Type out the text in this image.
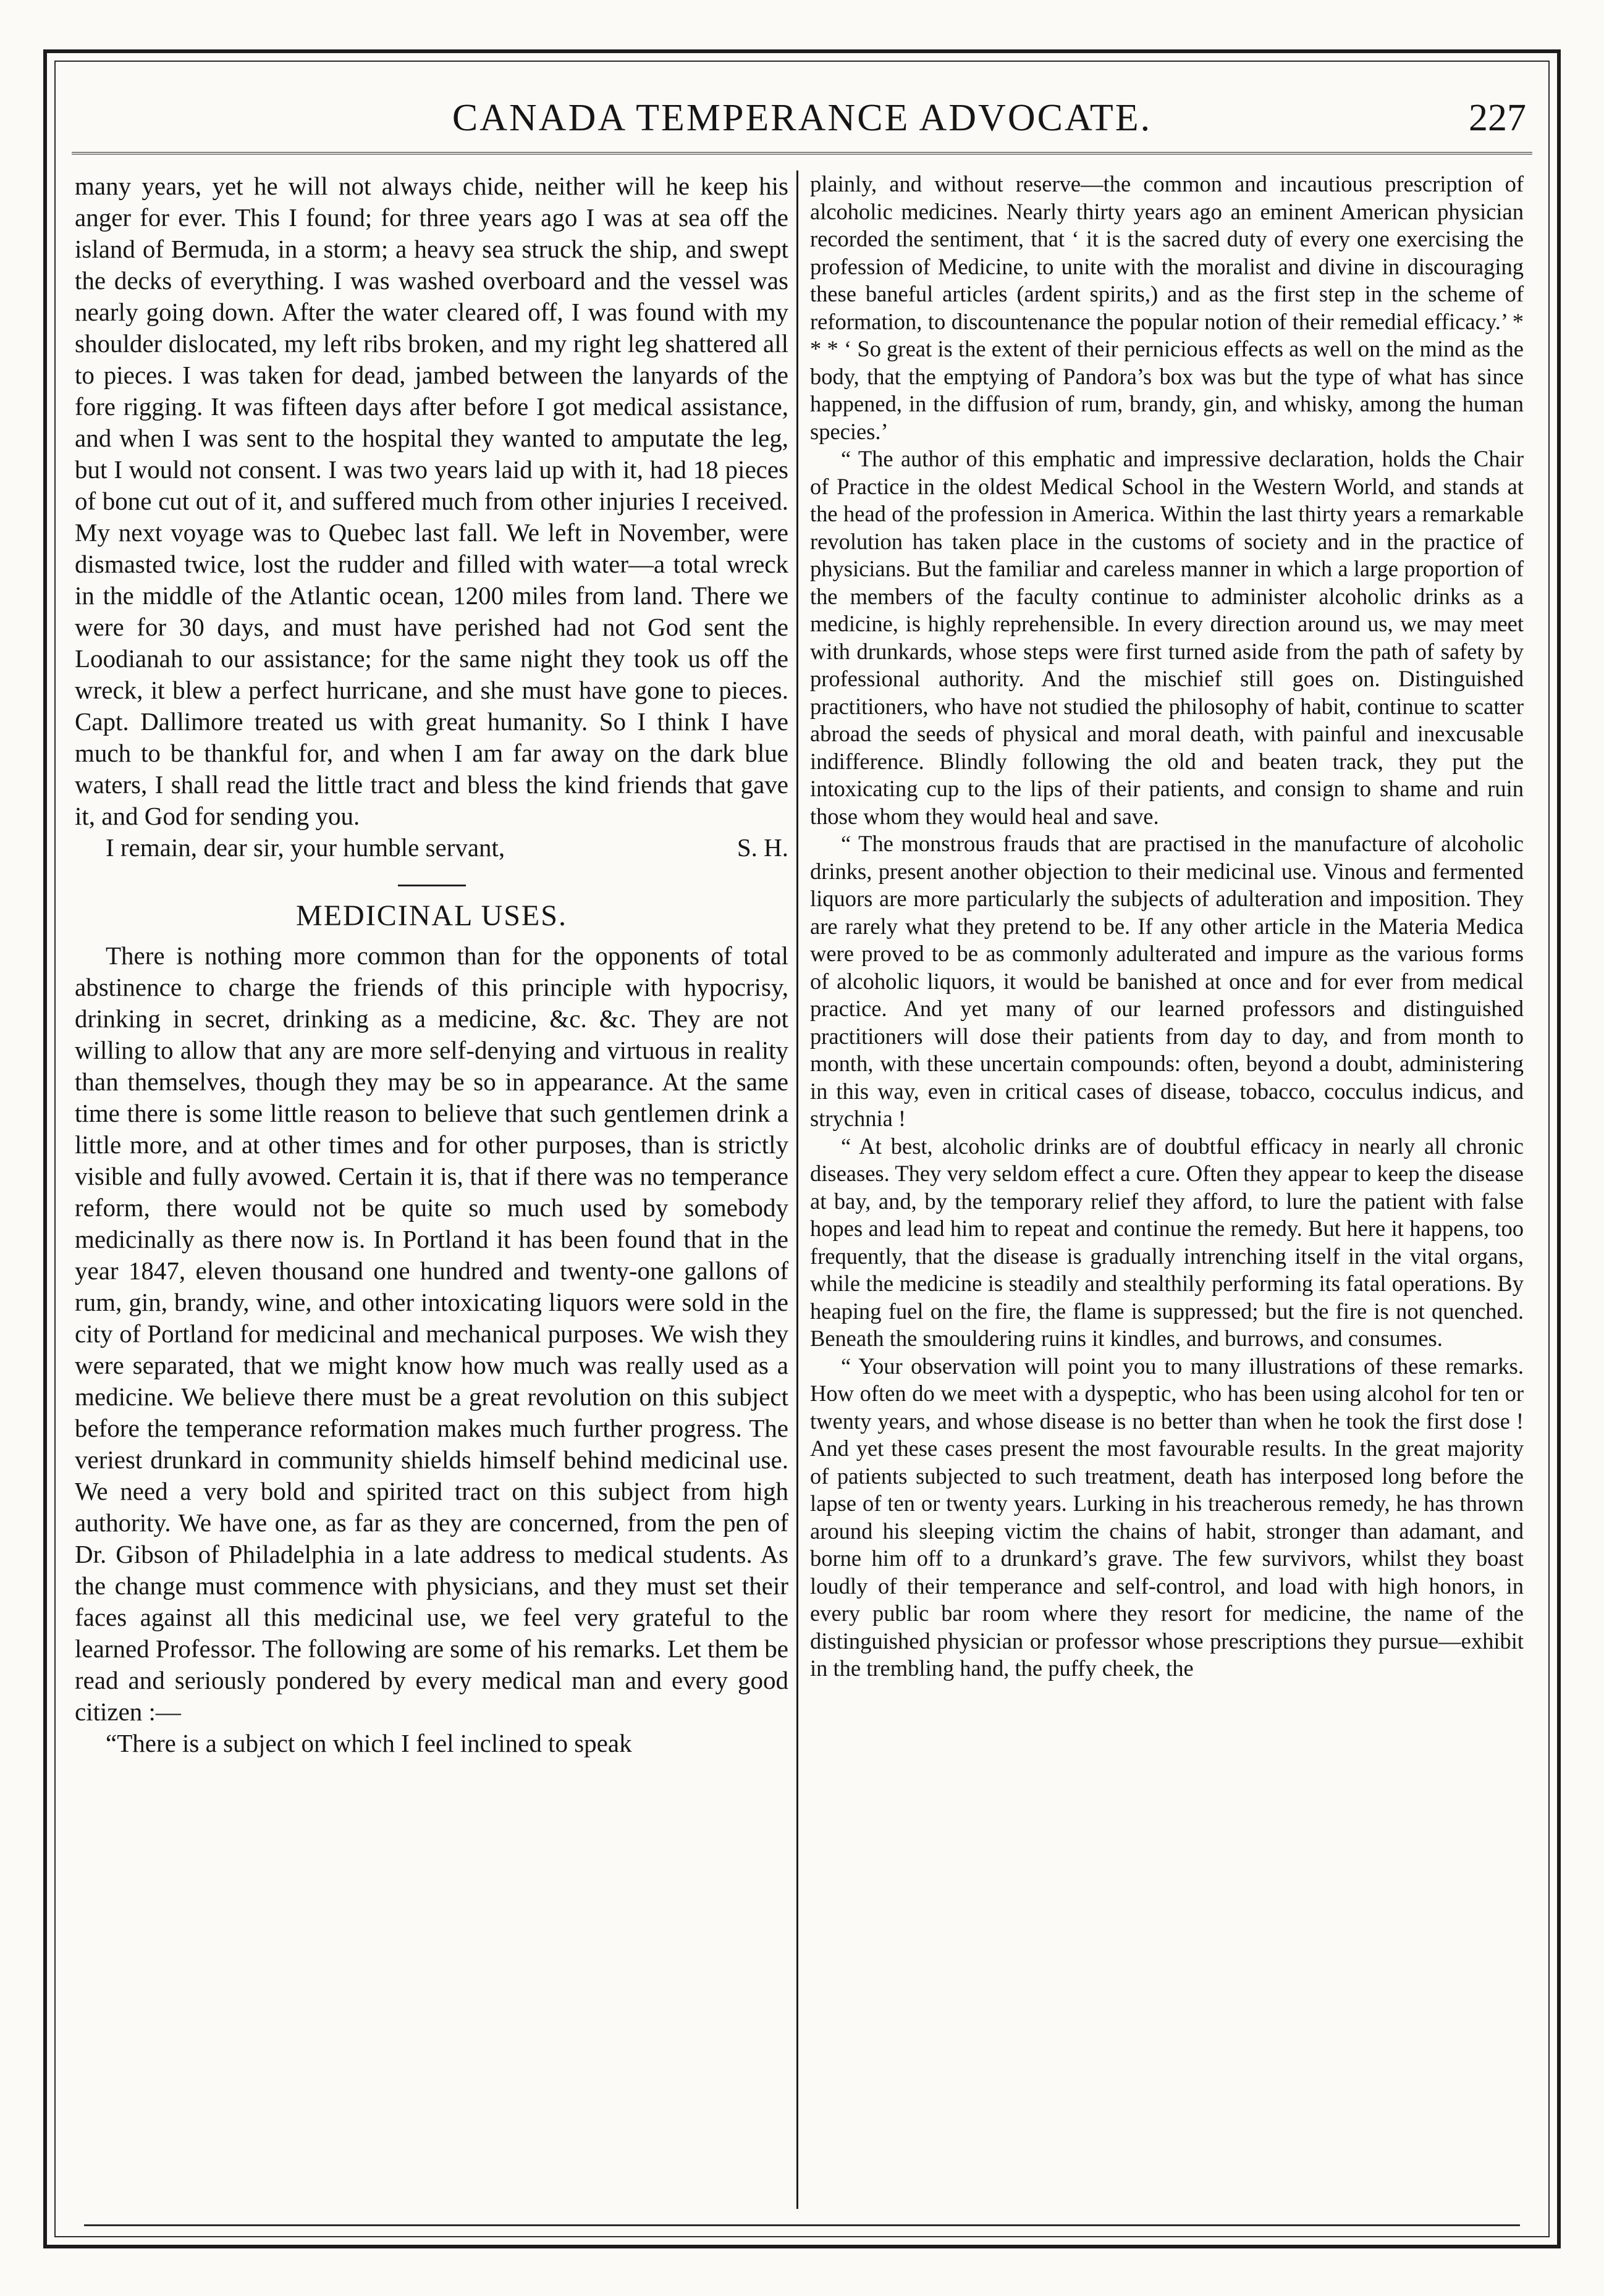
CANADA TEMPERANCE ADVOCATE.	227

many years, yet he will not always chide, neither will he keep his anger for ever. This I found; for three years ago I was at sea off the island of Bermuda, in a storm; a heavy sea struck the ship, and swept the decks of everything. I was washed overboard and the vessel was nearly going down. After the water cleared off, I was found with my shoulder dislocated, my left ribs broken, and my right leg shattered all to pieces. I was taken for dead, jambed between the lanyards of the fore rigging. It was fifteen days after before I got medical assistance, and when I was sent to the hospital they wanted to amputate the leg, but I would not consent. I was two years laid up with it, had 18 pieces of bone cut out of it, and suffered much from other injuries I received. My next voyage was to Quebec last fall. We left in November, were dismasted twice, lost the rudder and filled with water—a total wreck in the middle of the Atlantic ocean, 1200 miles from land. There we were for 30 days, and must have perished had not God sent the Loodianah to our assistance; for the same night they took us off the wreck, it blew a perfect hurricane, and she must have gone to pieces. Capt. Dallimore treated us with great humanity. So I think I have much to be thankful for, and when I am far away on the dark blue waters, I shall read the little tract and bless the kind friends that gave it, and God for sending you.

I remain, dear sir, your humble servant,	S. H.

MEDICINAL USES.

There is nothing more common than for the opponents of total abstinence to charge the friends of this principle with hypocrisy, drinking in secret, drinking as a medicine, &c. &c. They are not willing to allow that any are more self-denying and virtuous in reality than themselves, though they may be so in appearance. At the same time there is some little reason to believe that such gentlemen drink a little more, and at other times and for other purposes, than is strictly visible and fully avowed. Certain it is, that if there was no temperance reform, there would not be quite so much used by somebody medicinally as there now is. In Portland it has been found that in the year 1847, eleven thousand one hundred and twenty-one gallons of rum, gin, brandy, wine, and other intoxicating liquors were sold in the city of Portland for medicinal and mechanical purposes. We wish they were separated, that we might know how much was really used as a medicine. We believe there must be a great revolution on this subject before the temperance reformation makes much further progress. The veriest drunkard in community shields himself behind medicinal use. We need a very bold and spirited tract on this subject from high authority. We have one, as far as they are concerned, from the pen of Dr. Gibson of Philadelphia in a late address to medical students. As the change must commence with physicians, and they must set their faces against all this medicinal use, we feel very grateful to the learned Professor. The following are some of his remarks. Let them be read and seriously pondered by every medical man and every good citizen :—

“There is a subject on which I feel inclined to speak

plainly, and without reserve—the common and incautious prescription of alcoholic medicines. Nearly thirty years ago an eminent American physician recorded the sentiment, that ‘ it is the sacred duty of every one exercising the profession of Medicine, to unite with the moralist and divine in discouraging these baneful articles (ardent spirits,) and as the first step in the scheme of reformation, to discountenance the popular notion of their remedial efficacy.’ * * * ‘ So great is the extent of their pernicious effects as well on the mind as the body, that the emptying of Pandora’s box was but the type of what has since happened, in the diffusion of rum, brandy, gin, and whisky, among the human species.’

“ The author of this emphatic and impressive declaration, holds the Chair of Practice in the oldest Medical School in the Western World, and stands at the head of the profession in America. Within the last thirty years a remarkable revolution has taken place in the customs of society and in the practice of physicians. But the familiar and careless manner in which a large proportion of the members of the faculty continue to administer alcoholic drinks as a medicine, is highly reprehensible. In every direction around us, we may meet with drunkards, whose steps were first turned aside from the path of safety by professional authority. And the mischief still goes on. Distinguished practitioners, who have not studied the philosophy of habit, continue to scatter abroad the seeds of physical and moral death, with painful and inexcusable indifference. Blindly following the old and beaten track, they put the intoxicating cup to the lips of their patients, and consign to shame and ruin those whom they would heal and save.

“ The monstrous frauds that are practised in the manufacture of alcoholic drinks, present another objection to their medicinal use. Vinous and fermented liquors are more particularly the subjects of adulteration and imposition. They are rarely what they pretend to be. If any other article in the Materia Medica were proved to be as commonly adulterated and impure as the various forms of alcoholic liquors, it would be banished at once and for ever from medical practice. And yet many of our learned professors and distinguished practitioners will dose their patients from day to day, and from month to month, with these uncertain compounds: often, beyond a doubt, administering in this way, even in critical cases of disease, tobacco, cocculus indicus, and strychnia !

“ At best, alcoholic drinks are of doubtful efficacy in nearly all chronic diseases. They very seldom effect a cure. Often they appear to keep the disease at bay, and, by the temporary relief they afford, to lure the patient with false hopes and lead him to repeat and continue the remedy. But here it happens, too frequently, that the disease is gradually intrenching itself in the vital organs, while the medicine is steadily and stealthily performing its fatal operations. By heaping fuel on the fire, the flame is suppressed; but the fire is not quenched. Beneath the smouldering ruins it kindles, and burrows, and consumes.

“ Your observation will point you to many illustrations of these remarks. How often do we meet with a dyspeptic, who has been using alcohol for ten or twenty years, and whose disease is no better than when he took the first dose ! And yet these cases present the most favourable results. In the great majority of patients subjected to such treatment, death has interposed long before the lapse of ten or twenty years. Lurking in his treacherous remedy, he has thrown around his sleeping victim the chains of habit, stronger than adamant, and borne him off to a drunkard’s grave. The few survivors, whilst they boast loudly of their temperance and self-control, and load with high honors, in every public bar room where they resort for medicine, the name of the distinguished physician or professor whose prescriptions they pursue—exhibit in the trembling hand, the puffy cheek, the
